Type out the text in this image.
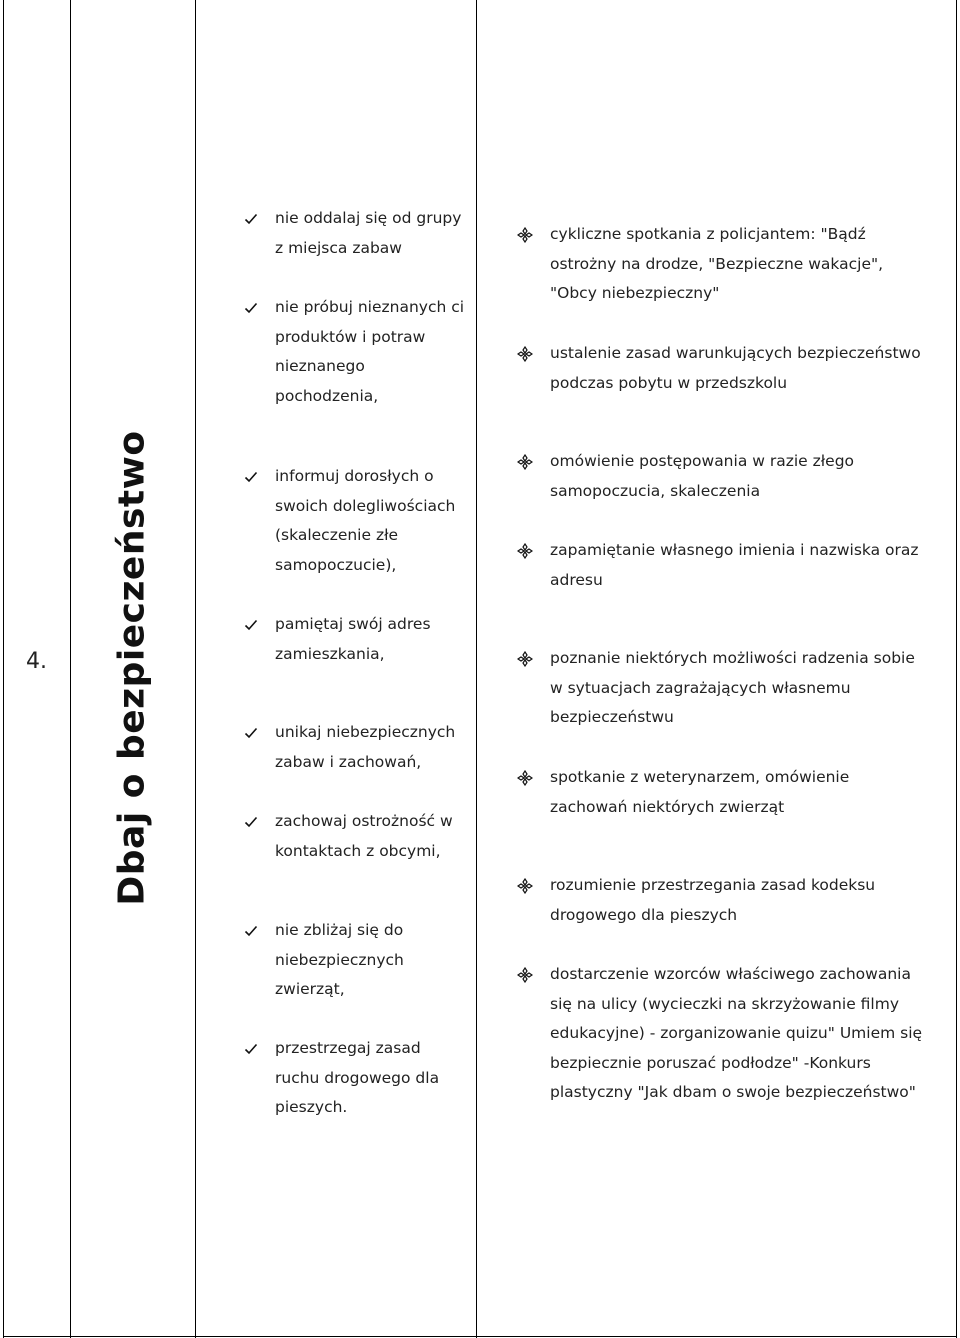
4. Dbaj o bezpieczeństwo
nie oddalaj się od grupy z miejsca zabaw
nie próbuj nieznanych ci produktów i potraw nieznanego pochodzenia,
informuj dorosłych o swoich dolegliwościach (skaleczenie złe samopoczucie),
pamiętaj swój adres zamieszkania,
unikaj niebezpiecznych zabaw i zachowań,
zachowaj ostrożność w kontaktach z obcymi,
nie zbliżaj się do niebezpiecznych zwierząt,
przestrzegaj zasad ruchu drogowego dla pieszych.
cykliczne spotkania z policjantem: "Bądź
ostrożny na drodze, "Bezpieczne wakacje",
"Obcy niebezpieczny"
ustalenie zasad warunkujących bezpieczeństwo
podczas pobytu w przedszkolu
omówienie postępowania w razie złego
samopoczucia, skaleczenia
zapamiętanie własnego imienia i nazwiska oraz
adresu
poznanie niektórych możliwości radzenia sobie
w sytuacjach zagrażających własnemu
bezpieczeństwu
spotkanie z weterynarzem, omówienie
zachowań niektórych zwierząt
rozumienie przestrzegania zasad kodeksu
drogowego dla pieszych
dostarczenie wzorców właściwego zachowania
się na ulicy (wycieczki na skrzyżowanie filmy
edukacyjne) - zorganizowanie quizu" Umiem się
bezpiecznie poruszać podłodze" -Konkurs
plastyczny "Jak dbam o swoje bezpieczeństwo"
